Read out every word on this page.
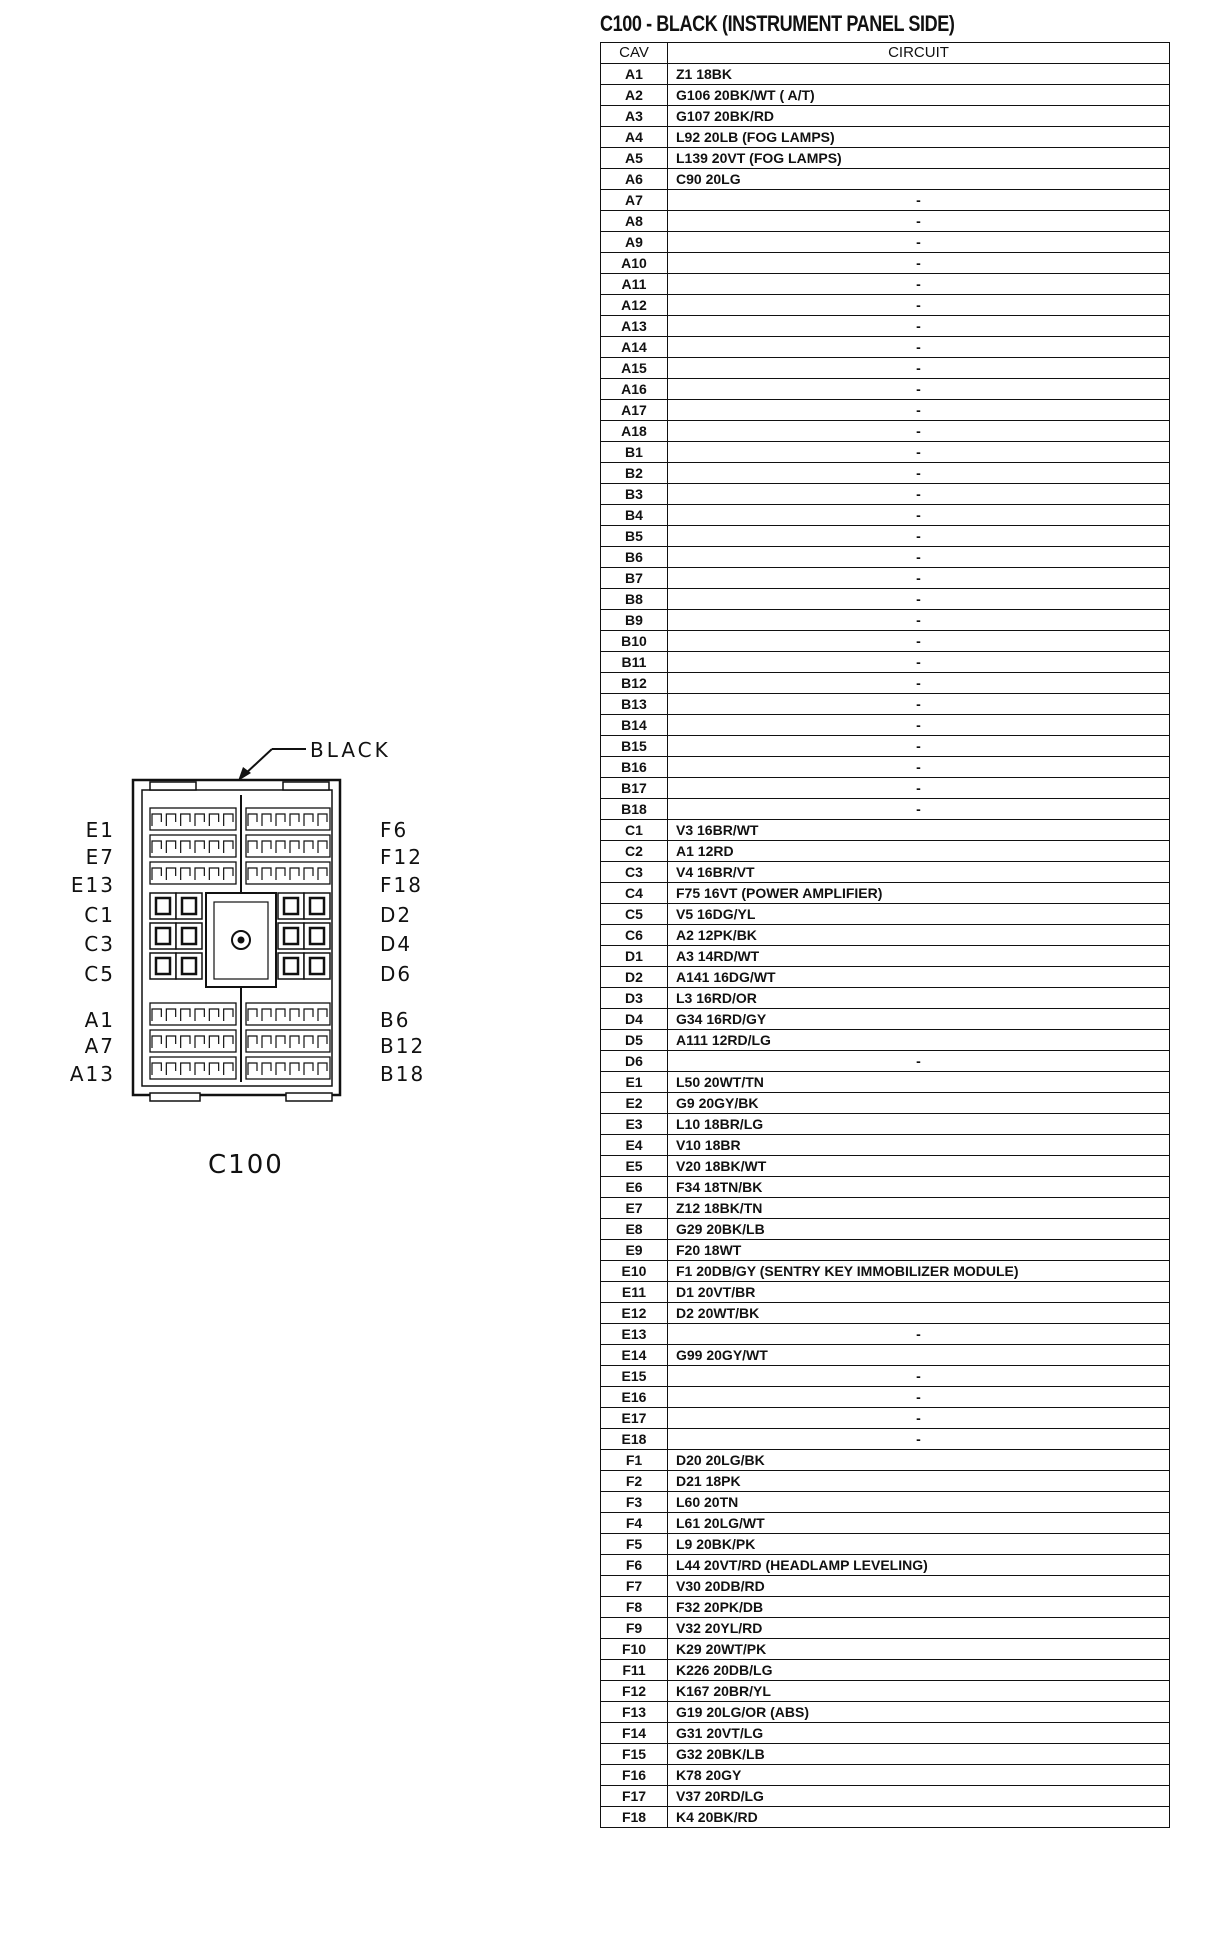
BLACK
C100
E1
E7
E13
C1
C3
C5
A1
A7
A13
F6
F12
F18
D2
D4
D6
B6
B12
B18
C100 - BLACK (INSTRUMENT PANEL SIDE)
CAV	CIRCUIT
A1	Z1 18BK
A2	G106 20BK/WT ( A/T)
A3	G107 20BK/RD
A4	L92 20LB (FOG LAMPS)
A5	L139 20VT (FOG LAMPS)
A6	C90 20LG
A7	-
A8	-
A9	-
A10	-
A11	-
A12	-
A13	-
A14	-
A15	-
A16	-
A17	-
A18	-
B1	-
B2	-
B3	-
B4	-
B5	-
B6	-
B7	-
B8	-
B9	-
B10	-
B11	-
B12	-
B13	-
B14	-
B15	-
B16	-
B17	-
B18	-
C1	V3 16BR/WT
C2	A1 12RD
C3	V4 16BR/VT
C4	F75 16VT (POWER AMPLIFIER)
C5	V5 16DG/YL
C6	A2 12PK/BK
D1	A3 14RD/WT
D2	A141 16DG/WT
D3	L3 16RD/OR
D4	G34 16RD/GY
D5	A111 12RD/LG
D6	-
E1	L50 20WT/TN
E2	G9 20GY/BK
E3	L10 18BR/LG
E4	V10 18BR
E5	V20 18BK/WT
E6	F34 18TN/BK
E7	Z12 18BK/TN
E8	G29 20BK/LB
E9	F20 18WT
E10	F1 20DB/GY (SENTRY KEY IMMOBILIZER MODULE)
E11	D1 20VT/BR
E12	D2 20WT/BK
E13	-
E14	G99 20GY/WT
E15	-
E16	-
E17	-
E18	-
F1	D20 20LG/BK
F2	D21 18PK
F3	L60 20TN
F4	L61 20LG/WT
F5	L9 20BK/PK
F6	L44 20VT/RD (HEADLAMP LEVELING)
F7	V30 20DB/RD
F8	F32 20PK/DB
F9	V32 20YL/RD
F10	K29 20WT/PK
F11	K226 20DB/LG
F12	K167 20BR/YL
F13	G19 20LG/OR (ABS)
F14	G31 20VT/LG
F15	G32 20BK/LB
F16	K78 20GY
F17	V37 20RD/LG
F18	K4 20BK/RD
